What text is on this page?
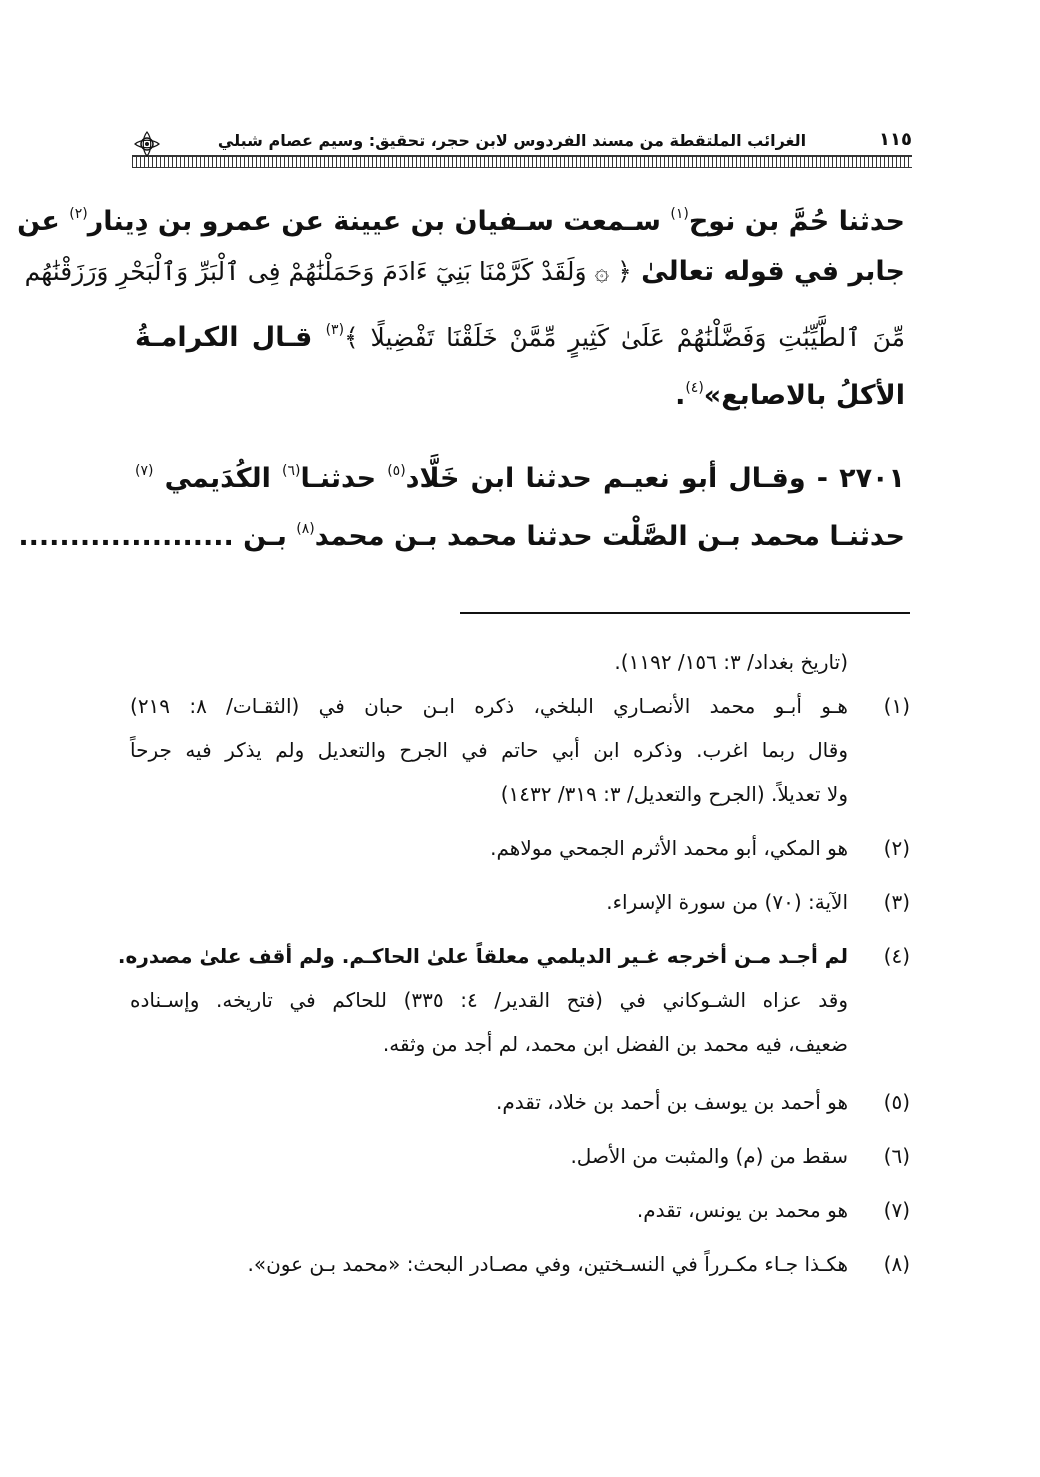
١١٥
الغرائب الملتقطة من مسند الفردوس لابن حجر، تحقيق: وسيم عصام شبلي
حدثنا حُمَّ بن نوح$^{(١)}$ سـمعت سـفيان بن عيينة عن عمرو بن دِينار$^{(٢)}$ عن
جابر في قوله تعالىٰ ﴿ ۞ وَلَقَدْ كَرَّمْنَا بَنِيٓ ءَادَمَ وَحَمَلْنَٰهُمْ فِى ٱلْبَرِّ وَٱلْبَحْرِ وَرَزَقْنَٰهُم
مِّنَ ٱلطَّيِّبَٰتِ وَفَضَّلْنَٰهُمْ عَلَىٰ كَثِيرٍ مِّمَّنْ خَلَقْنَا تَفْضِيلًا ﴾$^{(٣)}$ قـال الكرامـةُ
الأكلُ بالاصابع»$^{(٤)}$.
٢٧٠١ - وقـال أبو نعيـم حدثنا ابن خَلَّاد$^{(٥)}$ حدثنـا$^{(٦)}$ الكُدَيمي $^{(٧)}$
حدثنـا محمد بـن الصَّلْت حدثنا محمد بـن محمد$^{(٨)}$ بـن .....................
(تاريخ بغداد/ ٣: ١٥٦/ ١١٩٢).
(١)
هـو أبـو محمد الأنصـاري البلخي، ذكره ابـن حبان في (الثقـات/ ٨: ٢١٩)
وقال ربما اغرب. وذكره ابن أبي حاتم في الجرح والتعديل ولم يذكر فيه جرحاً
ولا تعديلاً. (الجرح والتعديل/ ٣: ٣١٩/ ١٤٣٢)
(٢)
هو المكي، أبو محمد الأثرم الجمحي مولاهم.
(٣)
الآية: (٧٠) من سورة الإسراء.
(٤)
لم أجـد مـن أخرجه غـير الديلمي معلقاً علىٰ الحاكـم. ولم أقف علىٰ مصدره.
وقد عزاه الشـوكاني في (فتح القدير/ ٤: ٣٣٥) للحاكم في تاريخه. وإسـناده
ضعيف، فيه محمد بن الفضل ابن محمد، لم أجد من وثقه.
(٥)
هو أحمد بن يوسف بن أحمد بن خلاد، تقدم.
(٦)
سقط من (م) والمثبت من الأصل.
(٧)
هو محمد بن يونس، تقدم.
(٨)
هكـذا جـاء مكـرراً في النسـختين، وفي مصـادر البحث: «محمد بـن عون».
